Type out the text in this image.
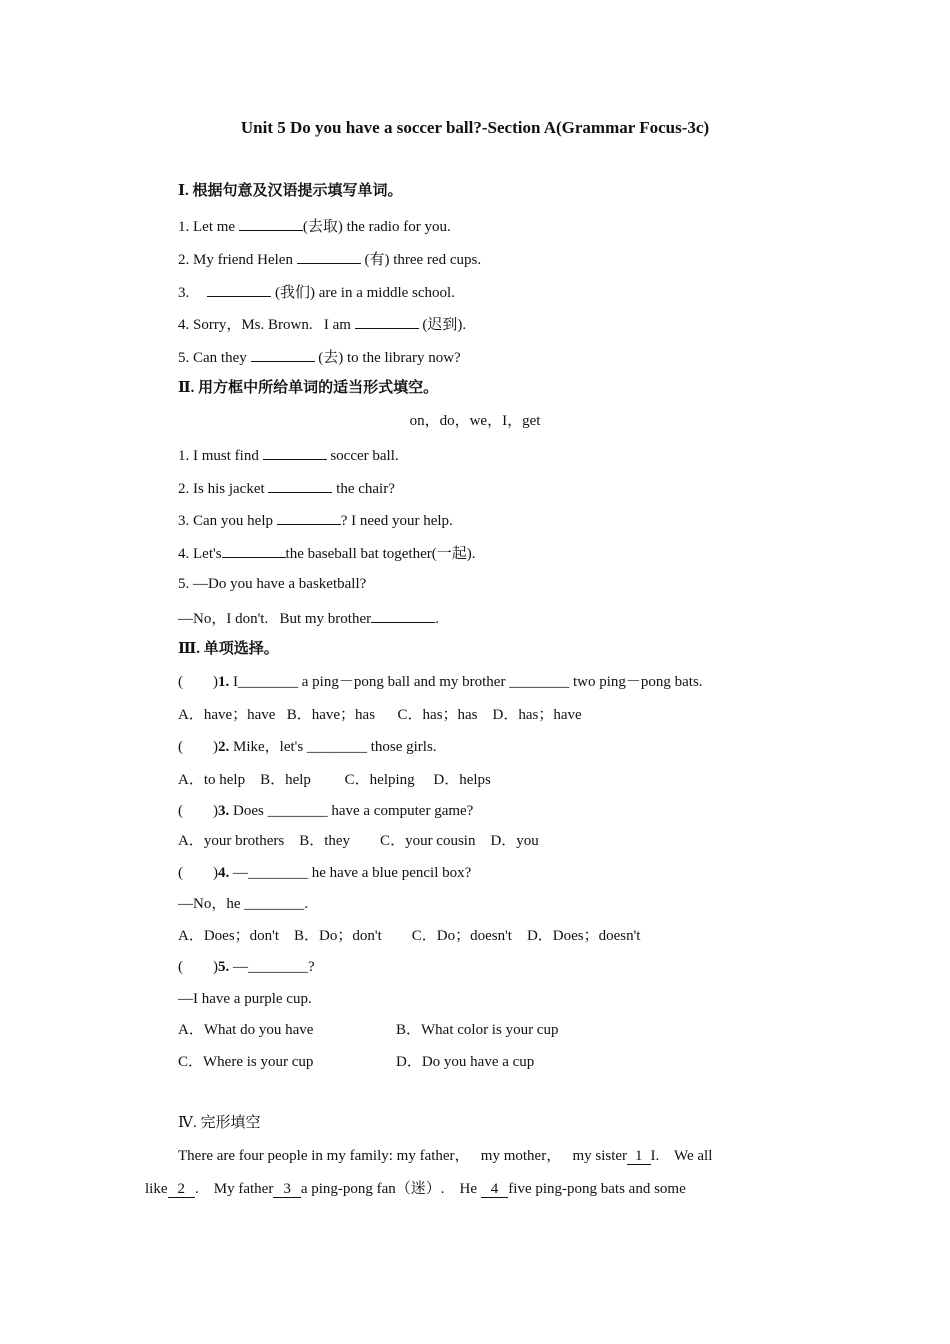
Unit 5 Do you have a soccer ball?-Section A(Grammar Focus-3c)
Ⅰ. 根据句意及汉语提示填写单词。
1. Let me	(去取) the radio for you.
2. My friend Helen	(有) three red cups.
3.	(我们) are in a middle school.
4. Sorry，Ms. Brown.   I am	(迟到).
5. Can they	(去) to the library now?
Ⅱ. 用方框中所给单词的适当形式填空。
on，do，we，I，get
1. I must find	soccer ball.
2. Is his jacket	the chair?
3. Can you help	? I need your help.
4. Let's	the baseball bat together(一起).
5. —Do you have a basketball?
—No，I don't.   But my brother	.
Ⅲ. 单项选择。
(        )1. I________ a ping－pong ball and my brother ________ two ping－pong bats.
A．have；have   B．have；has      C．has；has    D．has；have
(        )2. Mike，let's ________ those girls.
A．to help    B．help         C．helping     D．helps
(        )3. Does ________ have a computer game?
A．your brothers    B．they        C．your cousin    D．you
(        )4. —________ he have a blue pencil box?
—No，he ________.
A．Does；don't    B．Do；don't        C．Do；doesn't    D．Does；doesn't
(        )5. —________?
—I have a purple cup.
A．What do you have	B．What color is your cup
C．Where is your cup	D．Do you have a cup
Ⅳ. 完形填空
There are four people in my family: my father，   my mother，   my sister 1 I.    We all
like 2 .    My father 3 a ping-pong fan（迷）.    He 4 five ping-pong bats and some
